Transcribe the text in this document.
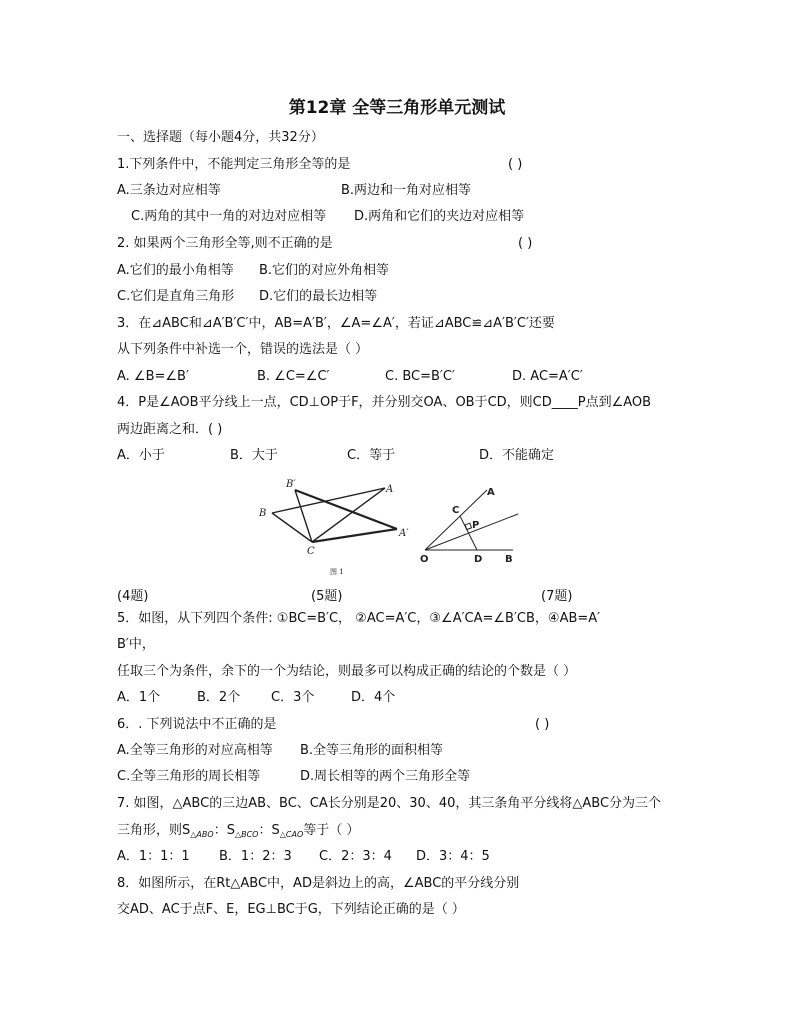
第12章 全等三角形单元测试
一、选择题（每小题4分，共32分）
1.下列条件中，不能判定三角形全等的是	( )
A.三条边对应相等	B.两边和一角对应相等
C.两角的其中一角的对边对应相等 D.两角和它们的夹边对应相等
2. 如果两个三角形全等,则不正确的是	( )
A.它们的最小角相等 B.它们的对应外角相等
C.它们是直角三角形 D.它们的最长边相等
3．在⊿ABC和⊿A′B′C′中，AB=A′B′，∠A=∠A′，若证⊿ABC≌⊿A′B′C′还要
从下列条件中补选一个，错误的选法是（ ）
A. ∠B=∠B′	B. ∠C=∠C′	C. BC=B′C′	D. AC=A′C′
4．P是∠AOB平分线上一点，CD⊥OP于F，并分别交OA、OB于CD，则CD____P点到∠AOB
两边距离之和．( )
A．小于	B．大于	C．等于	D．不能确定
B′	A
B
C
A′
图 1
A
C
P
O	D B
(4题)	(5题)	(7题)
5．如图，从下列四个条件: ①BC=B′C， ②AC=A′C，③∠A′CA=∠B′CB，④AB=A′
B′中，
任取三个为条件，余下的一个为结论，则最多可以构成正确的结论的个数是（ ）
A．1个	B．2个 C．3个	D．4个
6．. 下列说法中不正确的是	( )
A.全等三角形的对应高相等 B.全等三角形的面积相等
C.全等三角形的周长相等	D.周长相等的两个三角形全等
7. 如图，△ABC的三边AB、BC、CA长分别是20、30、40，其三条角平分线将△ABC分为三个
三角形，则$S_{\triangle ABO}$：$S_{\triangle BCO}$：$S_{\triangle CAO}$等于（ ）
A．1：1：1 B．1：2：3 C．2：3：4 D．3：4：5
8．如图所示，在Rt△ABC中，AD是斜边上的高，∠ABC的平分线分别
交AD、AC于点F、E，EG⊥BC于G，下列结论正确的是（ ）
